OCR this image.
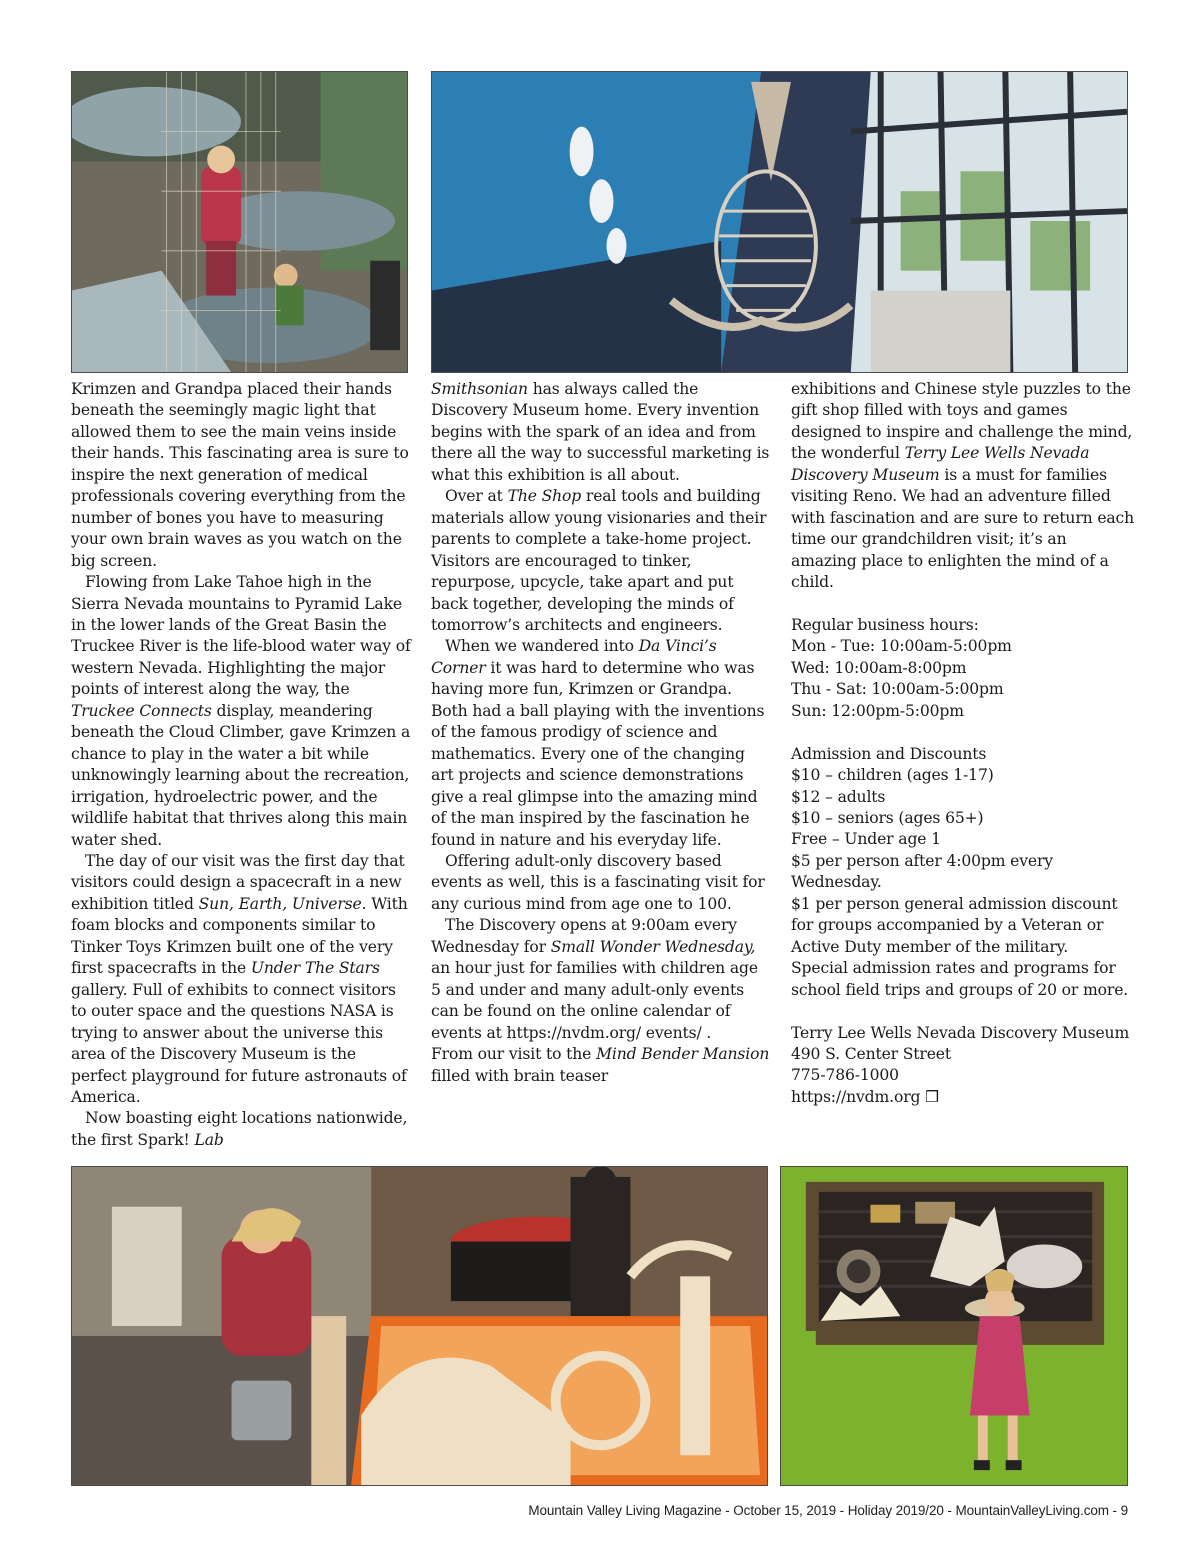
Krimzen and Grandpa placed their hands beneath the seemingly magic light that allowed them to see the main veins inside their hands. This fascinating area is sure to inspire the next generation of medical professionals covering everything from the number of bones you have to measuring your own brain waves as you watch on the big screen.

Flowing from Lake Tahoe high in the Sierra Nevada mountains to Pyramid Lake in the lower lands of the Great Basin the Truckee River is the life-blood water way of western Nevada. Highlighting the major points of interest along the way, the Truckee Connects display, meandering beneath the Cloud Climber, gave Krimzen a chance to play in the water a bit while unknowingly learning about the recreation, irrigation, hydroelectric power, and the wildlife habitat that thrives along this main water shed.

The day of our visit was the first day that visitors could design a spacecraft in a new exhibition titled Sun, Earth, Universe. With foam blocks and components similar to Tinker Toys Krimzen built one of the very first spacecrafts in the Under The Stars gallery. Full of exhibits to connect visitors to outer space and the questions NASA is trying to answer about the universe this area of the Discovery Museum is the perfect playground for future astronauts of America.

Now boasting eight locations nationwide, the first Spark! Lab

Smithsonian has always called the Discovery Museum home. Every invention begins with the spark of an idea and from there all the way to successful marketing is what this exhibition is all about.

Over at The Shop real tools and building materials allow young visionaries and their parents to complete a take-home project. Visitors are encouraged to tinker, repurpose, upcycle, take apart and put back together, developing the minds of tomorrow’s architects and engineers.

When we wandered into Da Vinci’s Corner it was hard to determine who was having more fun, Krimzen or Grandpa. Both had a ball playing with the inventions of the famous prodigy of science and mathematics. Every one of the changing art projects and science demonstrations give a real glimpse into the amazing mind of the man inspired by the fascination he found in nature and his everyday life.

Offering adult-only discovery based events as well, this is a fascinating visit for any curious mind from age one to 100.

The Discovery opens at 9:00am every Wednesday for Small Wonder Wednesday, an hour just for families with children age 5 and under and many adult-only events can be found on the online calendar of events at https://nvdm.org/ events/ .

From our visit to the Mind Bender Mansion filled with brain teaser

exhibitions and Chinese style puzzles to the gift shop filled with toys and games designed to inspire and challenge the mind, the wonderful Terry Lee Wells Nevada Discovery Museum is a must for families visiting Reno. We had an adventure filled with fascination and are sure to return each time our grandchildren visit; it’s an amazing place to enlighten the mind of a child.

Regular business hours:

Mon - Tue: 10:00am-5:00pm

Wed: 10:00am-8:00pm

Thu - Sat: 10:00am-5:00pm

Sun: 12:00pm-5:00pm

Admission and Discounts

$10 – children (ages 1-17)

$12 – adults

$10 – seniors (ages 65+)

Free – Under age 1

$5 per person after 4:00pm every Wednesday.

$1 per person general admission discount for groups accompanied by a Veteran or Active Duty member of the military.

Special admission rates and programs for school field trips and groups of 20 or more.

Terry Lee Wells Nevada Discovery Museum

490 S. Center Street

775-786-1000

https://nvdm.org ❒

Mountain Valley Living Magazine - October 15, 2019 - Holiday 2019/20 - MountainValleyLiving.com - 9
